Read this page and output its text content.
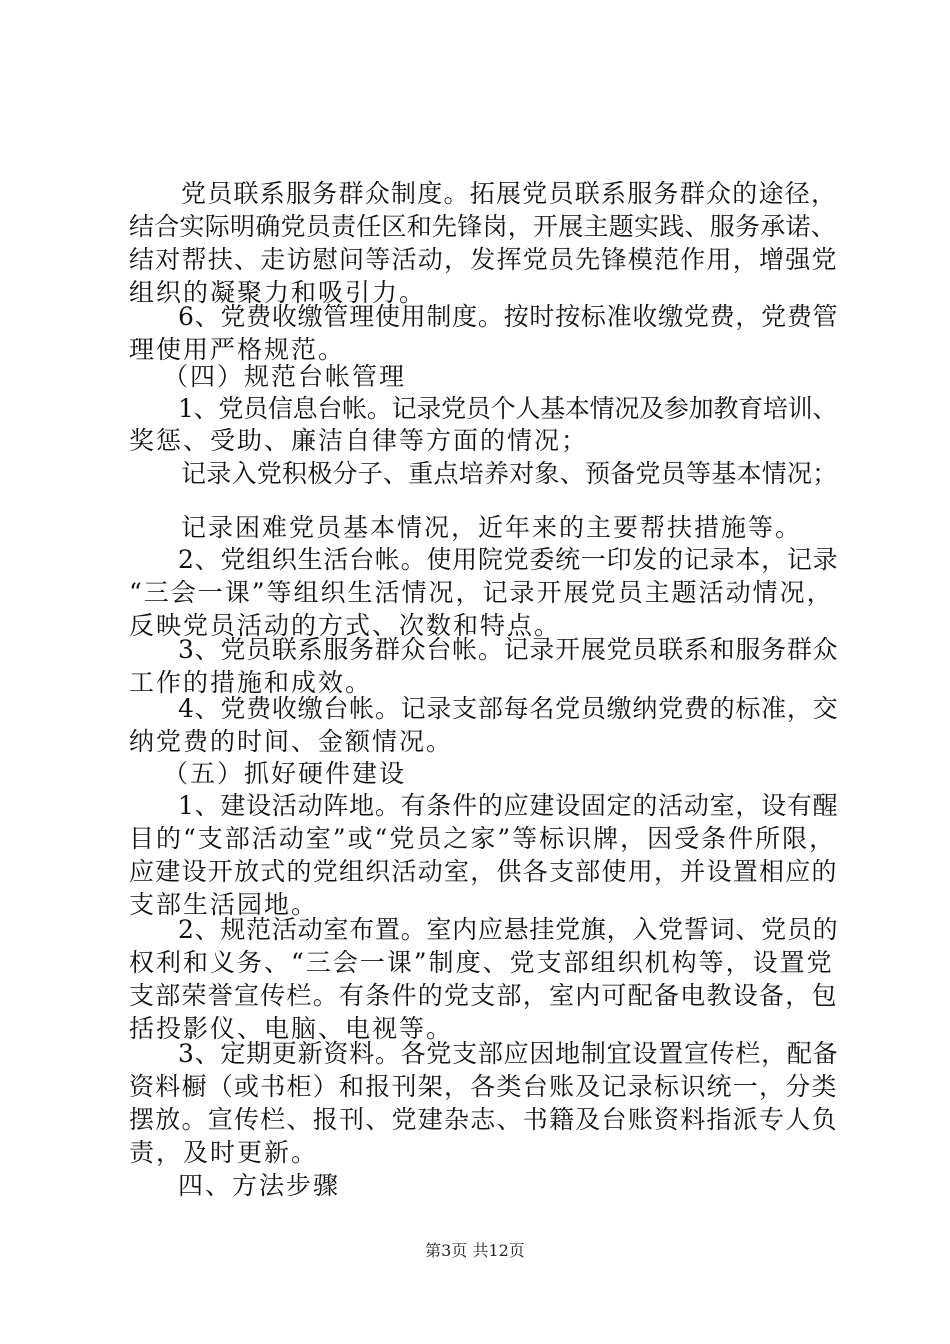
党员联系服务群众制度。拓展党员联系服务群众的途径，
结合实际明确党员责任区和先锋岗，开展主题实践、服务承诺、
结对帮扶、走访慰问等活动，发挥党员先锋模范作用，增强党
组织的凝聚力和吸引力。
6、党费收缴管理使用制度。按时按标准收缴党费，党费管
理使用严格规范。
（四）规范台帐管理
1、党员信息台帐。记录党员个人基本情况及参加教育培训、
奖惩、受助、廉洁自律等方面的情况；
记录入党积极分子、重点培养对象、预备党员等基本情况；
记录困难党员基本情况，近年来的主要帮扶措施等。
2、党组织生活台帐。使用院党委统一印发的记录本，记录
“三会一课”等组织生活情况，记录开展党员主题活动情况，
反映党员活动的方式、次数和特点。
3、党员联系服务群众台帐。记录开展党员联系和服务群众
工作的措施和成效。
4、党费收缴台帐。记录支部每名党员缴纳党费的标准，交
纳党费的时间、金额情况。
（五）抓好硬件建设
1、建设活动阵地。有条件的应建设固定的活动室，设有醒
目的“支部活动室”或“党员之家”等标识牌，因受条件所限，
应建设开放式的党组织活动室，供各支部使用，并设置相应的
支部生活园地。
2、规范活动室布置。室内应悬挂党旗，入党誓词、党员的
权利和义务、“三会一课”制度、党支部组织机构等，设置党
支部荣誉宣传栏。有条件的党支部，室内可配备电教设备，包
括投影仪、电脑、电视等。
3、定期更新资料。各党支部应因地制宜设置宣传栏，配备
资料橱（或书柜）和报刊架，各类台账及记录标识统一，分类
摆放。宣传栏、报刊、党建杂志、书籍及台账资料指派专人负
责，及时更新。
四、方法步骤
第3页 共12页
